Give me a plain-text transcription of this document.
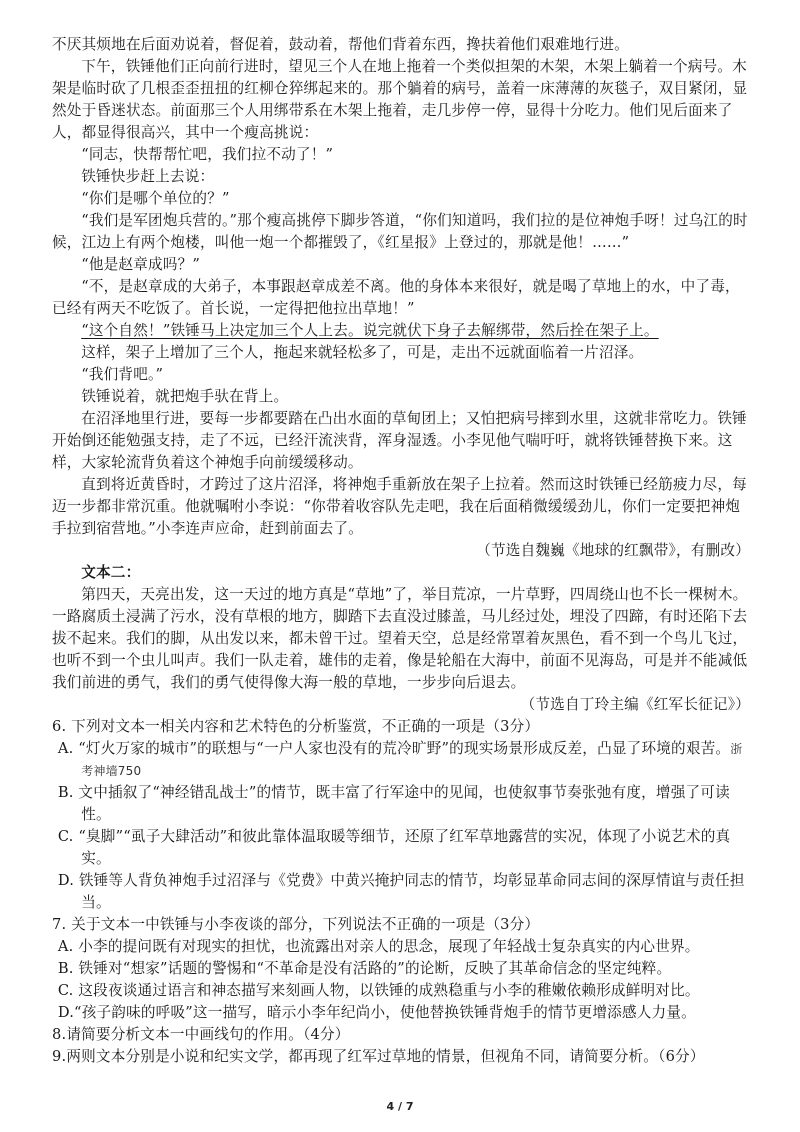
不厌其烦地在后面劝说着，督促着，鼓动着，帮他们背着东西，搀扶着他们艰难地行进。

下午，铁锤他们正向前行进时，望见三个人在地上拖着一个类似担架的木架，木架上躺着一个病号。木架是临时砍了几根歪歪扭扭的红柳仓猝绑起来的。那个躺着的病号，盖着一床薄薄的灰毯子，双目紧闭，显然处于昏迷状态。前面那三个人用绑带系在木架上拖着，走几步停一停，显得十分吃力。他们见后面来了人，都显得很高兴，其中一个瘦高挑说：

“同志，快帮帮忙吧，我们拉不动了！”

铁锤快步赶上去说：

“你们是哪个单位的？”

“我们是军团炮兵营的。”那个瘦高挑停下脚步答道，“你们知道吗，我们拉的是位神炮手呀！过乌江的时候，江边上有两个炮楼，叫他一炮一个都摧毁了，《红星报》上登过的，那就是他！……”

“他是赵章成吗？”

“不，是赵章成的大弟子，本事跟赵章成差不离。他的身体本来很好，就是喝了草地上的水，中了毒，已经有两天不吃饭了。首长说，一定得把他拉出草地！”

“这个自然！”铁锤马上决定加三个人上去。说完就伏下身子去解绑带，然后拴在架子上。

这样，架子上增加了三个人，拖起来就轻松多了，可是，走出不远就面临着一片沼泽。

“我们背吧。”

铁锤说着，就把炮手驮在背上。

在沼泽地里行进，要每一步都要踏在凸出水面的草甸团上；又怕把病号摔到水里，这就非常吃力。铁锤开始倒还能勉强支持，走了不远，已经汗流浃背，浑身湿透。小李见他气喘吁吁，就将铁锤替换下来。这样，大家轮流背负着这个神炮手向前缓缓移动。

直到将近黄昏时，才跨过了这片沼泽，将神炮手重新放在架子上拉着。然而这时铁锤已经筋疲力尽，每迈一步都非常沉重。他就嘱咐小李说：“你带着收容队先走吧，我在后面稍微缓缓劲儿，你们一定要把神炮手拉到宿营地。”小李连声应命，赶到前面去了。

（节选自魏巍《地球的红飘带》，有删改）

文本二：

第四天，天亮出发，这一天过的地方真是“草地”了，举目荒凉，一片草野，四周绕山也不长一棵树木。一路腐质土浸满了污水，没有草根的地方，脚踏下去直没过膝盖，马儿经过处，埋没了四蹄，有时还陷下去拔不起来。我们的脚，从出发以来，都未曾干过。望着天空，总是经常罩着灰黑色，看不到一个鸟儿飞过，也听不到一个虫儿叫声。我们一队走着，雄伟的走着，像是轮船在大海中，前面不见海岛，可是并不能减低我们前进的勇气，我们的勇气使得像大海一般的草地，一步步向后退去。

（节选自丁玲主编《红军长征记》）

6. 下列对文本一相关内容和艺术特色的分析鉴赏，不正确的一项是（3分）

A. “灯火万家的城市”的联想与“一户人家也没有的荒冷旷野”的现实场景形成反差，凸显了环境的艰苦。浙考神墙750

B. 文中插叙了“神经错乱战士”的情节，既丰富了行军途中的见闻，也使叙事节奏张弛有度，增强了可读性。

C. “臭脚”“虱子大肆活动”和彼此靠体温取暖等细节，还原了红军草地露营的实况，体现了小说艺术的真实。

D. 铁锤等人背负神炮手过沼泽与《党费》中黄兴掩护同志的情节，均彰显革命同志间的深厚情谊与责任担当。

7. 关于文本一中铁锤与小李夜谈的部分，下列说法不正确的一项是（3分）

A. 小李的提问既有对现实的担忧，也流露出对亲人的思念，展现了年轻战士复杂真实的内心世界。

B. 铁锤对“想家”话题的警惕和“不革命是没有活路的”的论断，反映了其革命信念的坚定纯粹。

C. 这段夜谈通过语言和神态描写来刻画人物，以铁锤的成熟稳重与小李的稚嫩依赖形成鲜明对比。

D.“孩子韵味的呼吸”这一描写，暗示小李年纪尚小，使他替换铁锤背炮手的情节更增添感人力量。

8.请简要分析文本一中画线句的作用。（4分）

9.两则文本分别是小说和纪实文学，都再现了红军过草地的情景，但视角不同，请简要分析。（6分）

4 / 7
